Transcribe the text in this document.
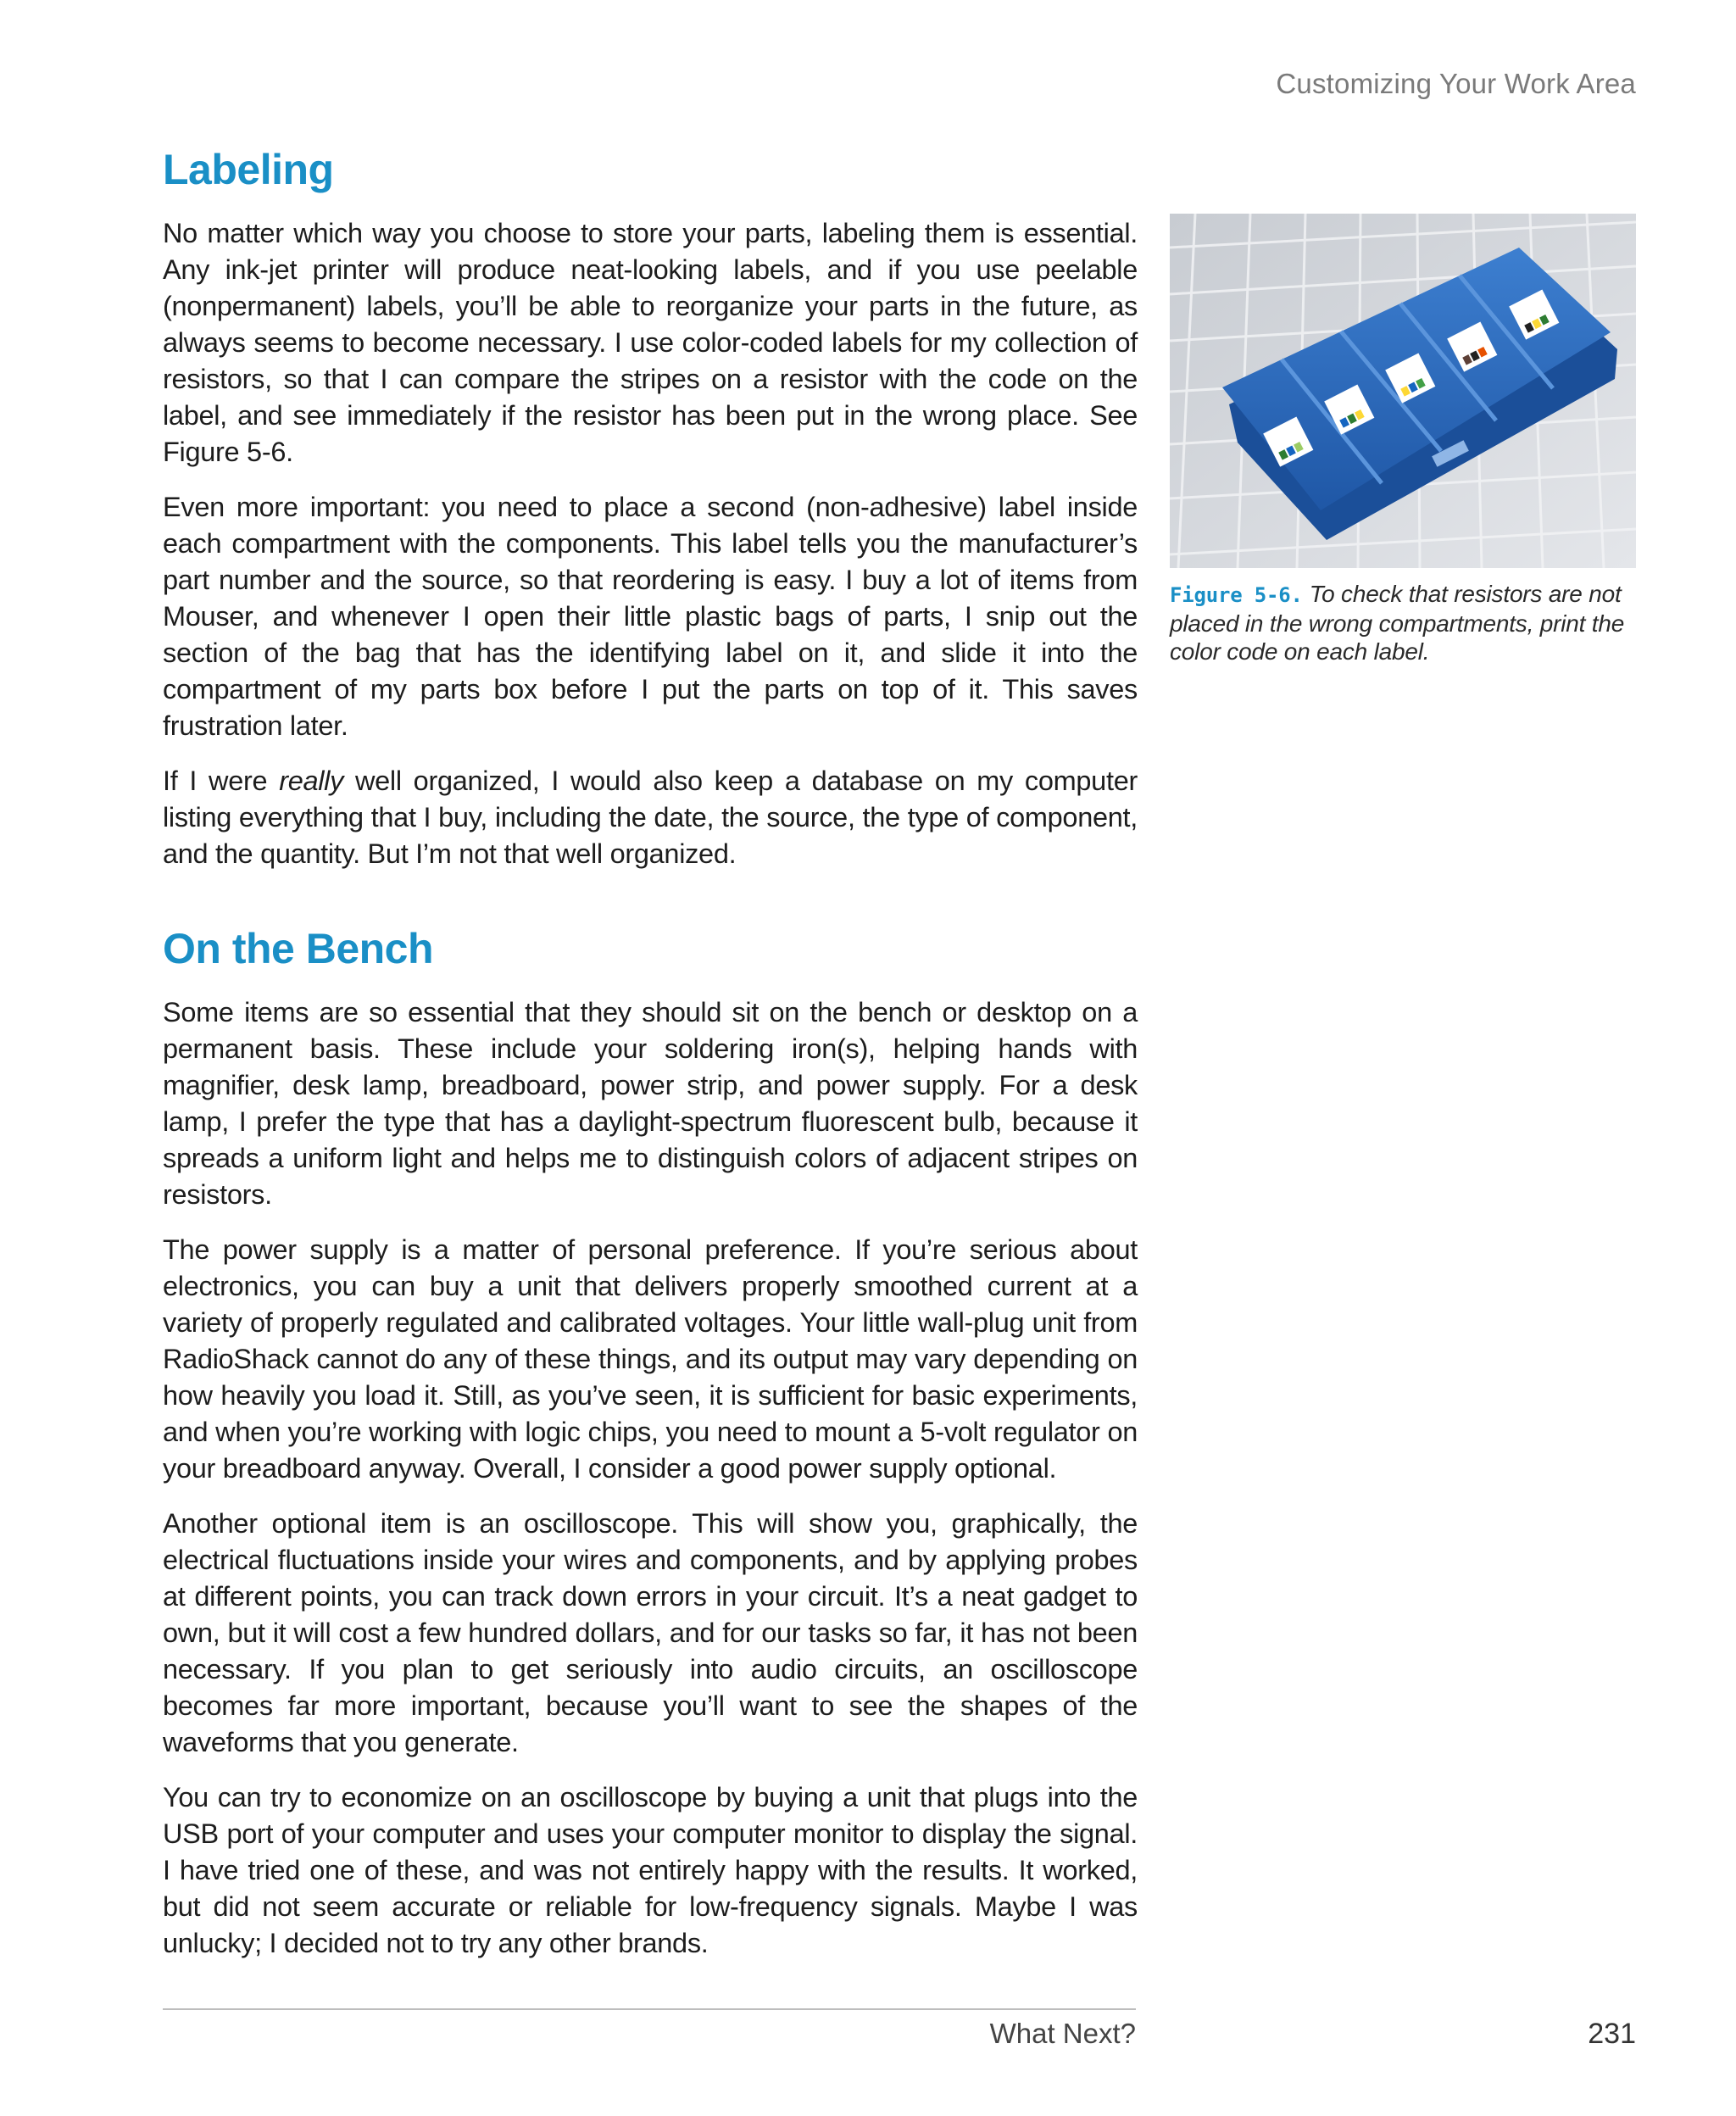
Customizing Your Work Area
Labeling

No matter which way you choose to store your parts, labeling them is essential. Any ink-jet printer will produce neat-looking labels, and if you use peelable (nonpermanent) labels, you’ll be able to reorganize your parts in the future, as always seems to become necessary. I use color-coded labels for my collection of resistors, so that I can compare the stripes on a resistor with the code on the label, and see immediately if the resistor has been put in the wrong place. See Figure 5-6.

Even more important: you need to place a second (non-adhesive) label inside each compartment with the components. This label tells you the manufacturer’s part number and the source, so that reordering is easy. I buy a lot of items from Mouser, and whenever I open their little plastic bags of parts, I snip out the section of the bag that has the identifying label on it, and slide it into the compartment of my parts box before I put the parts on top of it. This saves frustration later.

If I were really well organized, I would also keep a database on my computer listing everything that I buy, including the date, the source, the type of component, and the quantity. But I’m not that well organized.

On the Bench

Some items are so essential that they should sit on the bench or desktop on a permanent basis. These include your soldering iron(s), helping hands with magnifier, desk lamp, breadboard, power strip, and power supply. For a desk lamp, I prefer the type that has a daylight-spectrum fluorescent bulb, because it spreads a uniform light and helps me to distinguish colors of adjacent stripes on resistors.

The power supply is a matter of personal preference. If you’re serious about electronics, you can buy a unit that delivers properly smoothed current at a variety of properly regulated and calibrated voltages. Your little wall-plug unit from RadioShack cannot do any of these things, and its output may vary depending on how heavily you load it. Still, as you’ve seen, it is sufficient for basic experiments, and when you’re working with logic chips, you need to mount a 5-volt regulator on your breadboard anyway. Overall, I consider a good power supply optional.

Another optional item is an oscilloscope. This will show you, graphically, the electrical fluctuations inside your wires and components, and by applying probes at different points, you can track down errors in your circuit. It’s a neat gadget to own, but it will cost a few hundred dollars, and for our tasks so far, it has not been necessary. If you plan to get seriously into audio circuits, an oscilloscope becomes far more important, because you’ll want to see the shapes of the waveforms that you generate.

You can try to economize on an oscilloscope by buying a unit that plugs into the USB port of your computer and uses your computer monitor to display the signal. I have tried one of these, and was not entirely happy with the results. It worked, but did not seem accurate or reliable for low-frequency signals. Maybe I was unlucky; I decided not to try any other brands.

Figure 5-6. To check that resistors are not placed in the wrong compartments, print the color code on each label.
What Next?	231
